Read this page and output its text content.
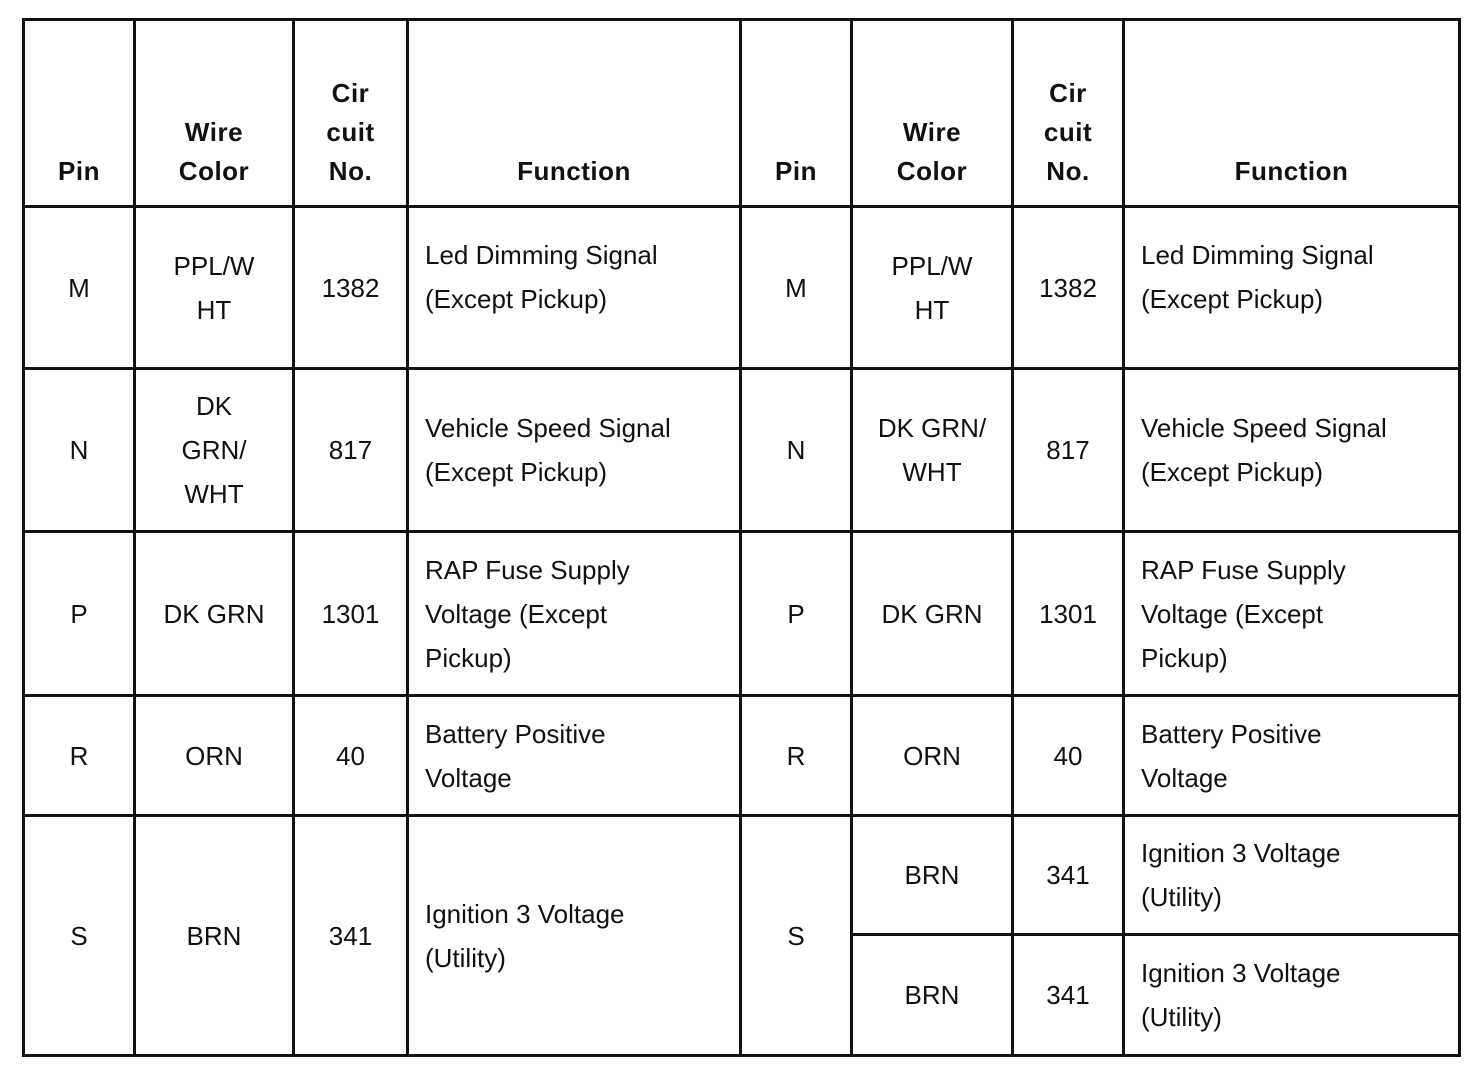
Pin	Wire
Color	Cir
cuit
No.	Function	Pin	Wire
Color	Cir
cuit
No.	Function
M	PPL/W
HT	1382	Led Dimming Signal
(Except Pickup)	M	PPL/W
HT	1382	Led Dimming Signal
(Except Pickup)

N	DK
GRN/
WHT	817	Vehicle Speed Signal
(Except Pickup)	N	DK GRN/
WHT	817	Vehicle Speed Signal
(Except Pickup)

P	DK GRN	1301	RAP Fuse Supply
Voltage (Except
Pickup)	P	DK GRN	1301	RAP Fuse Supply
Voltage (Except
Pickup)

R	ORN	40	Battery Positive
Voltage	R	ORN	40	Battery Positive
Voltage

S	BRN	341	Ignition 3 Voltage
(Utility)	S	BRN	341	Ignition 3 Voltage
(Utility)

					BRN	341	Ignition 3 Voltage
(Utility)
